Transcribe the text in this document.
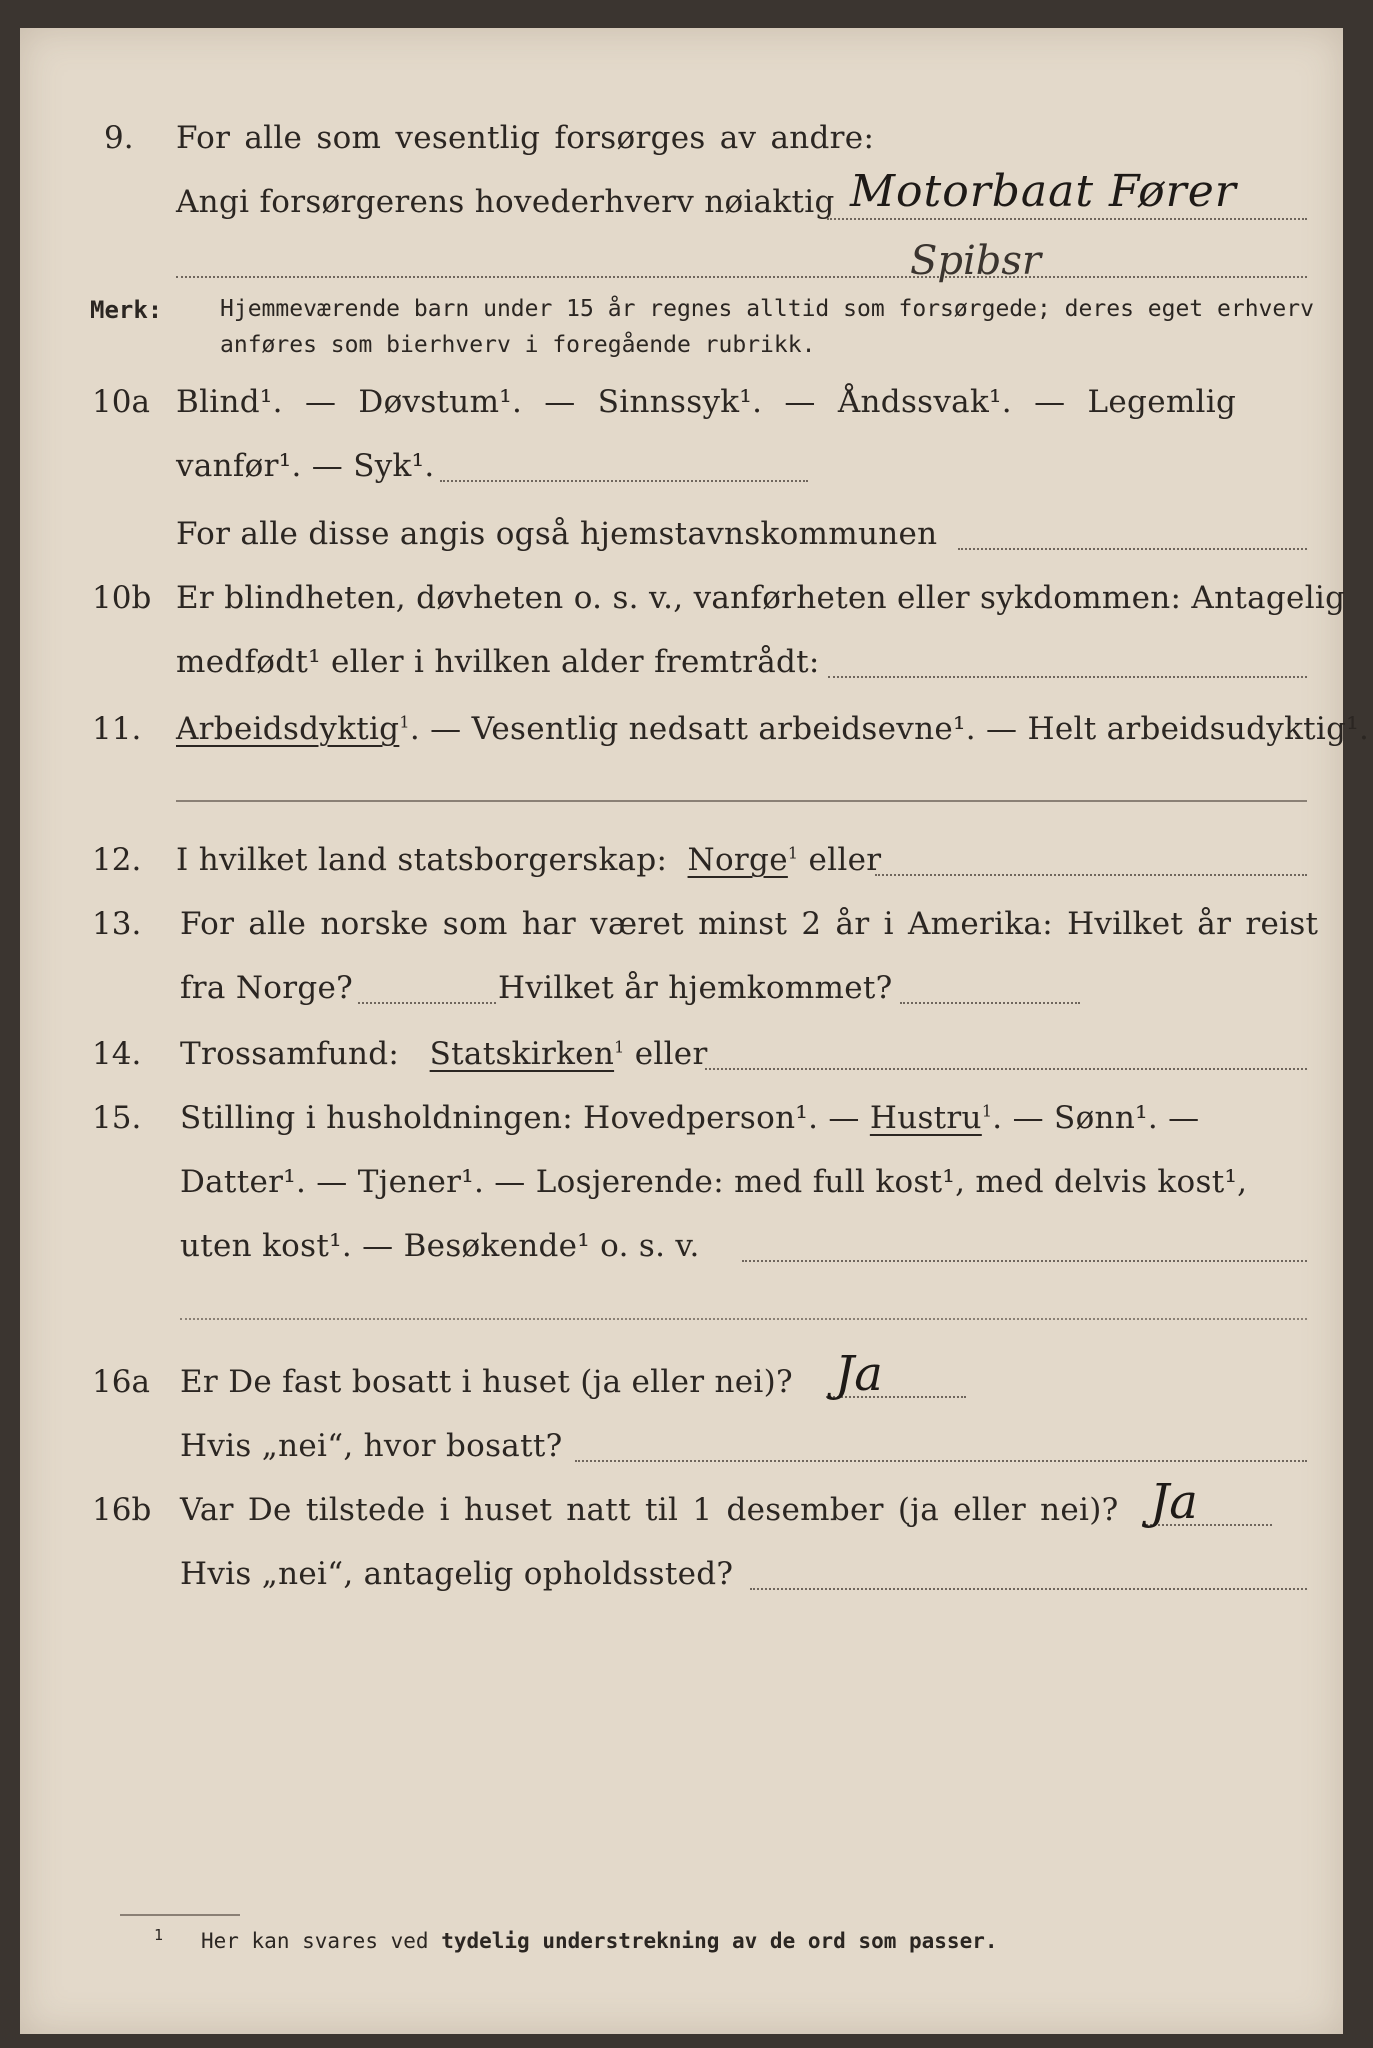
9. For alle som vesentlig forsørges av andre:
Angi forsørgerens hovederhverv nøiaktig Motorbaat Fører
Spibsr
Merk:	Hjemmeværende barn under 15 år regnes alltid som forsørgede; deres eget erhverv
anføres som bierhverv i foregående rubrikk.
10a Blind¹. — Døvstum¹. — Sinnssyk¹. — Åndssvak¹. — Legemlig
vanfør¹. — Syk¹.
For alle disse angis også hjemstavnskommunen
10b Er blindheten, døvheten o. s. v., vanførheten eller sykdommen: Antagelig
medfødt¹ eller i hvilken alder fremtrådt:
11. Arbeidsdyktig$^1$. — Vesentlig nedsatt arbeidsevne¹. — Helt arbeidsudyktig¹.
12. I hvilket land statsborgerskap: Norge$^1$ eller
13. For alle norske som har været minst 2 år i Amerika: Hvilket år reist
fra Norge?	Hvilket år hjemkommet?
14. Trossamfund: Statskirken$^1$ eller
15. Stilling i husholdningen: Hovedperson¹. — Hustru$^1$. — Sønn¹. —
Datter¹. — Tjener¹. — Losjerende: med full kost¹, med delvis kost¹,
uten kost¹. — Besøkende¹ o. s. v.
16a Er De fast bosatt i huset (ja eller nei)? Ja
Hvis „nei“, hvor bosatt?
16b Var De tilstede i huset natt til 1 desember (ja eller nei)? Ja
Hvis „nei“, antagelig opholdssted?
$^1$ Her kan svares ved tydelig understrekning av de ord som passer.
